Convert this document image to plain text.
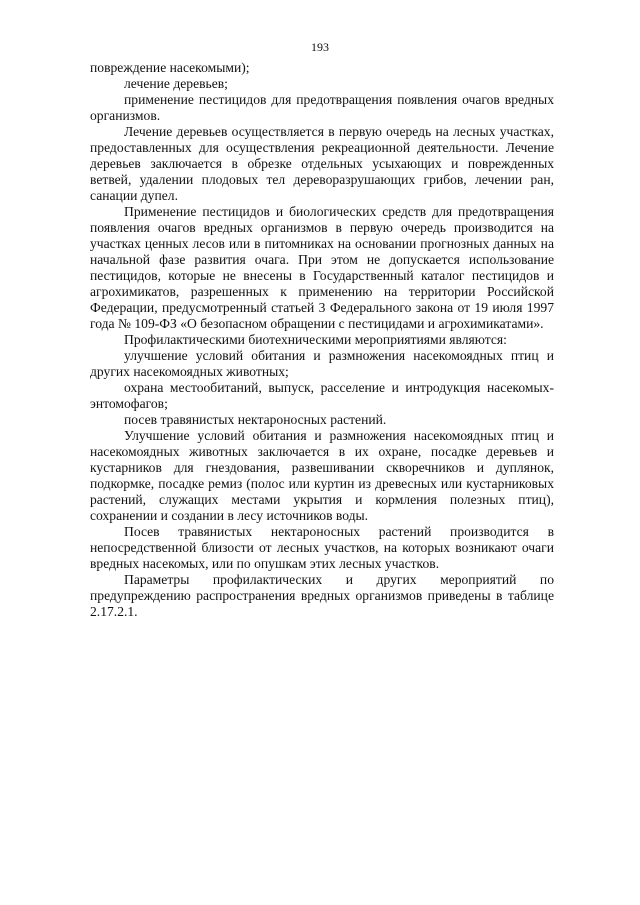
193

повреждение насекомыми);

лечение деревьев;

применение пестицидов для предотвращения появления очагов вредных организмов.

Лечение деревьев осуществляется в первую очередь на лесных участках, предоставленных для осуществления рекреационной деятельности. Лечение деревьев заключается в обрезке отдельных усыхающих и поврежденных ветвей, удалении плодовых тел дереворазрушающих грибов, лечении ран, санации дупел.

Применение пестицидов и биологических средств для предотвращения появления очагов вредных организмов в первую очередь производится на участках ценных лесов или в питомниках на основании прогнозных данных на начальной фазе развития очага. При этом не допускается использование пестицидов, которые не внесены в Государственный каталог пестицидов и агрохимикатов, разрешенных к применению на территории Российской Федерации, предусмотренный статьей 3 Федерального закона от 19 июля 1997 года № 109-ФЗ «О безопасном обращении с пестицидами и агрохимикатами».

Профилактическими биотехническими мероприятиями являются:

улучшение условий обитания и размножения насекомоядных птиц и других насекомоядных животных;

охрана местообитаний, выпуск, расселение и интродукция насекомых-энтомофагов;

посев травянистых нектароносных растений.

Улучшение условий обитания и размножения насекомоядных птиц и насекомоядных животных заключается в их охране, посадке деревьев и кустарников для гнездования, развешивании скворечников и дуплянок, подкормке, посадке ремиз (полос или куртин из древесных или кустарниковых растений, служащих местами укрытия и кормления полезных птиц), сохранении и создании в лесу источников воды.

Посев травянистых нектароносных растений производится в непосредственной близости от лесных участков, на которых возникают очаги вредных насекомых, или по опушкам этих лесных участков.

Параметры профилактических и других мероприятий по предупреждению распространения вредных организмов приведены в таблице 2.17.2.1.
